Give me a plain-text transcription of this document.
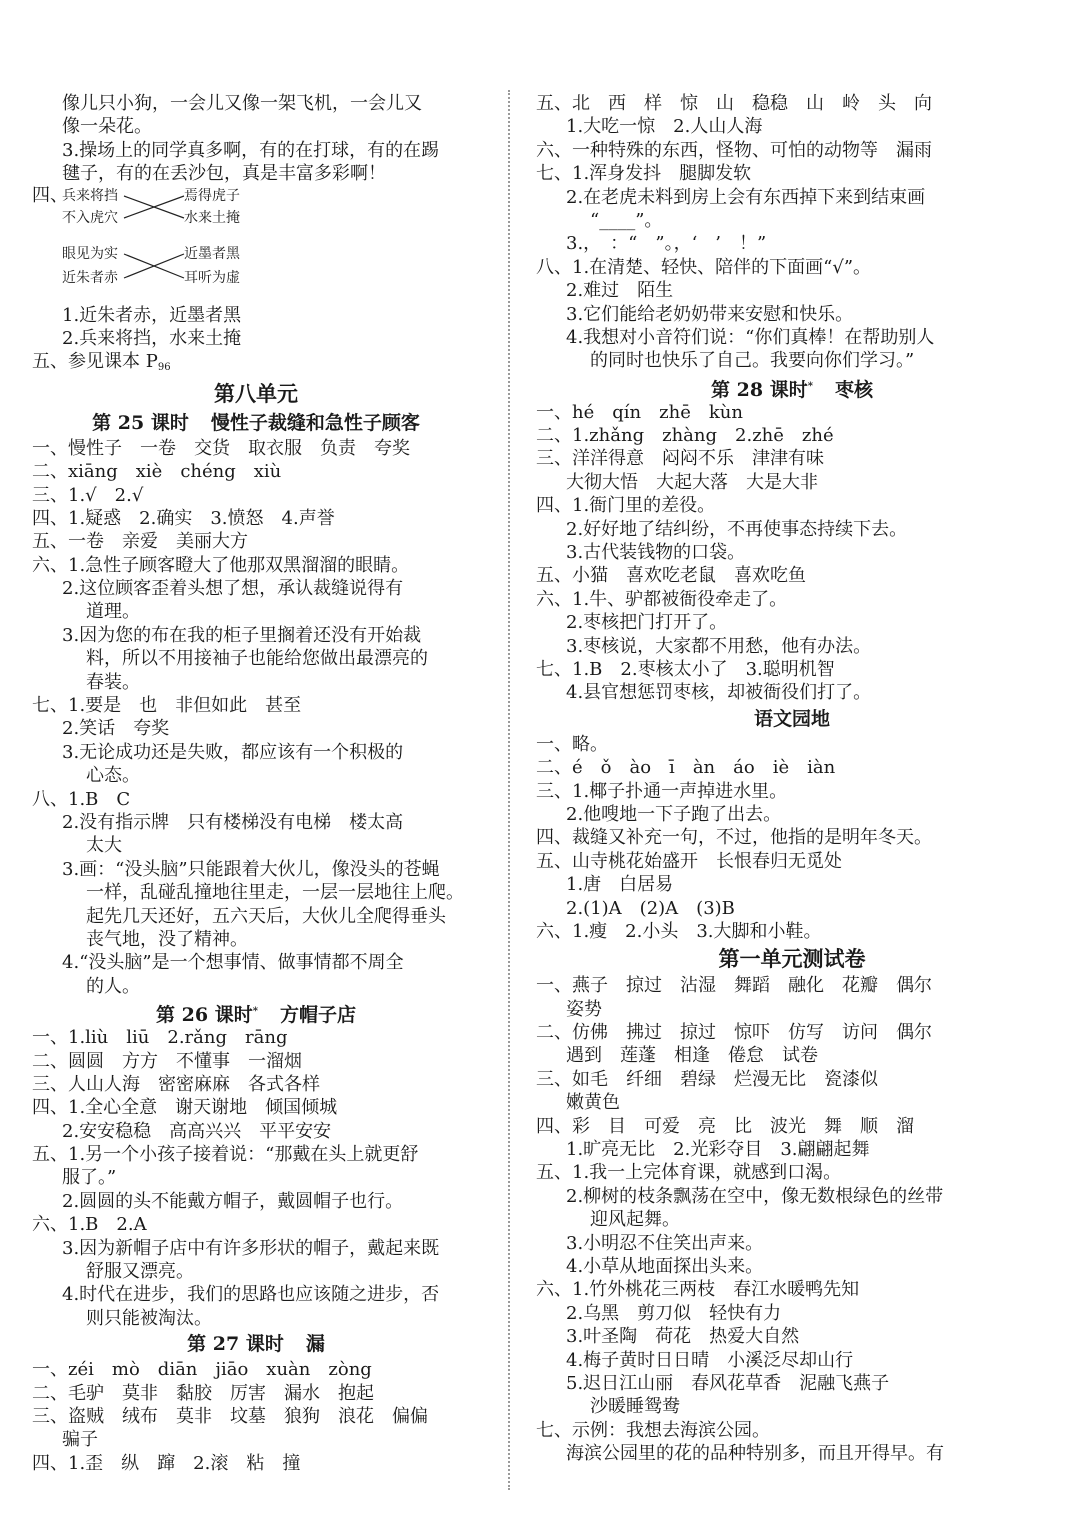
像儿只小狗，一会儿又像一架飞机，一会儿又
像一朵花。
3.操场上的同学真多啊，有的在打球，有的在踢
毽子，有的在丢沙包，真是丰富多彩啊！
四、
兵来将挡
不入虎穴
焉得虎子
水来土掩
眼见为实
近朱者赤
近墨者黑
耳听为虚
1.近朱者赤，近墨者黑
2.兵来将挡，水来土掩
五、参见课本 $P_{96}$
第八单元
第 25 课时 慢性子裁缝和急性子顾客
一、慢性子　一卷　交货　取衣服　负责　夸奖
二、xiāng　xiè　chéng　xiù
三、1.√　2.√
四、1.疑惑　2.确实　3.愤怒　4.声誉
五、一卷　亲爱　美丽大方
六、1.急性子顾客瞪大了他那双黑溜溜的眼睛。
2.这位顾客歪着头想了想，承认裁缝说得有
道理。
3.因为您的布在我的柜子里搁着还没有开始裁
料，所以不用接袖子也能给您做出最漂亮的
春装。
七、1.要是　也　非但如此　甚至
2.笑话　夸奖
3.无论成功还是失败，都应该有一个积极的
心态。
八、1.B　C
2.没有指示牌　只有楼梯没有电梯　楼太高
太大
3.画：“没头脑”只能跟着大伙儿，像没头的苍蝇
一样，乱碰乱撞地往里走，一层一层地往上爬。
起先几天还好，五六天后，大伙儿全爬得垂头
丧气地，没了精神。
4.“没头脑”是一个想事情、做事情都不周全
的人。
第 26 课时* 方帽子店
一、1.liù　liū　2.rǎng　rāng
二、圆圆　方方　不懂事　一溜烟
三、人山人海　密密麻麻　各式各样
四、1.全心全意　谢天谢地　倾国倾城
2.安安稳稳　高高兴兴　平平安安
五、1.另一个小孩子接着说：“那戴在头上就更舒
服了。”
2.圆圆的头不能戴方帽子，戴圆帽子也行。
六、1.B　2.A
3.因为新帽子店中有许多形状的帽子，戴起来既
舒服又漂亮。
4.时代在进步，我们的思路也应该随之进步，否
则只能被淘汰。
第 27 课时 漏
一、zéi　mò　diān　jiāo　xuàn　zòng
二、毛驴　莫非　黏胶　厉害　漏水　抱起
三、盗贼　绒布　莫非　坟墓　狼狗　浪花　偏偏
骗子
四、1.歪　纵　蹿　2.滚　粘　撞
五、北　西　样　惊　山　稳稳　山　岭　头　向
1.大吃一惊　2.人山人海
六、一种特殊的东西，怪物、可怕的动物等　漏雨
七、1.浑身发抖　腿脚发软
2.在老虎未料到房上会有东西掉下来到结束画
“____”。
3.，　：“　”。，‘　’　！”
八、1.在清楚、轻快、陪伴的下面画“√”。
2.难过　陌生
3.它们能给老奶奶带来安慰和快乐。
4.我想对小音符们说：“你们真棒！在帮助别人
的同时也快乐了自己。我要向你们学习。”
第 28 课时* 枣核
一、hé　qín　zhē　kùn
二、1.zhǎng　zhàng　2.zhē　zhé
三、洋洋得意　闷闷不乐　津津有味
大彻大悟　大起大落　大是大非
四、1.衙门里的差役。
2.好好地了结纠纷，不再使事态持续下去。
3.古代装钱物的口袋。
五、小猫　喜欢吃老鼠　喜欢吃鱼
六、1.牛、驴都被衙役牵走了。
2.枣核把门打开了。
3.枣核说，大家都不用愁，他有办法。
七、1.B　2.枣核太小了　3.聪明机智
4.县官想惩罚枣核，却被衙役们打了。
语文园地
一、略。
二、é　ǒ　ào　ī　àn　áo　iè　iàn
三、1.椰子扑通一声掉进水里。
2.他嗖地一下子跑了出去。
四、裁缝又补充一句，不过，他指的是明年冬天。
五、山寺桃花始盛开　长恨春归无觅处
1.唐　白居易
2.(1)A　(2)A　(3)B
六、1.瘦　2.小头　3.大脚和小鞋。
第一单元测试卷
一、燕子　掠过　沾湿　舞蹈　融化　花瓣　偶尔
姿势
二、仿佛　拂过　掠过　惊吓　仿写　访问　偶尔
遇到　莲蓬　相逢　倦怠　试卷
三、如毛　纤细　碧绿　烂漫无比　瓷漆似
嫩黄色
四、彩　目　可爱　亮　比　波光　舞　顺　溜
1.旷亮无比　2.光彩夺目　3.翩翩起舞
五、1.我一上完体育课，就感到口渴。
2.柳树的枝条飘荡在空中，像无数根绿色的丝带
迎风起舞。
3.小明忍不住笑出声来。
4.小草从地面探出头来。
六、1.竹外桃花三两枝　春江水暖鸭先知
2.乌黑　剪刀似　轻快有力
3.叶圣陶　荷花　热爱大自然
4.梅子黄时日日晴　小溪泛尽却山行
5.迟日江山丽　春风花草香　泥融飞燕子
沙暖睡鸳鸯
七、示例：我想去海滨公园。
海滨公园里的花的品种特别多，而且开得早。有
